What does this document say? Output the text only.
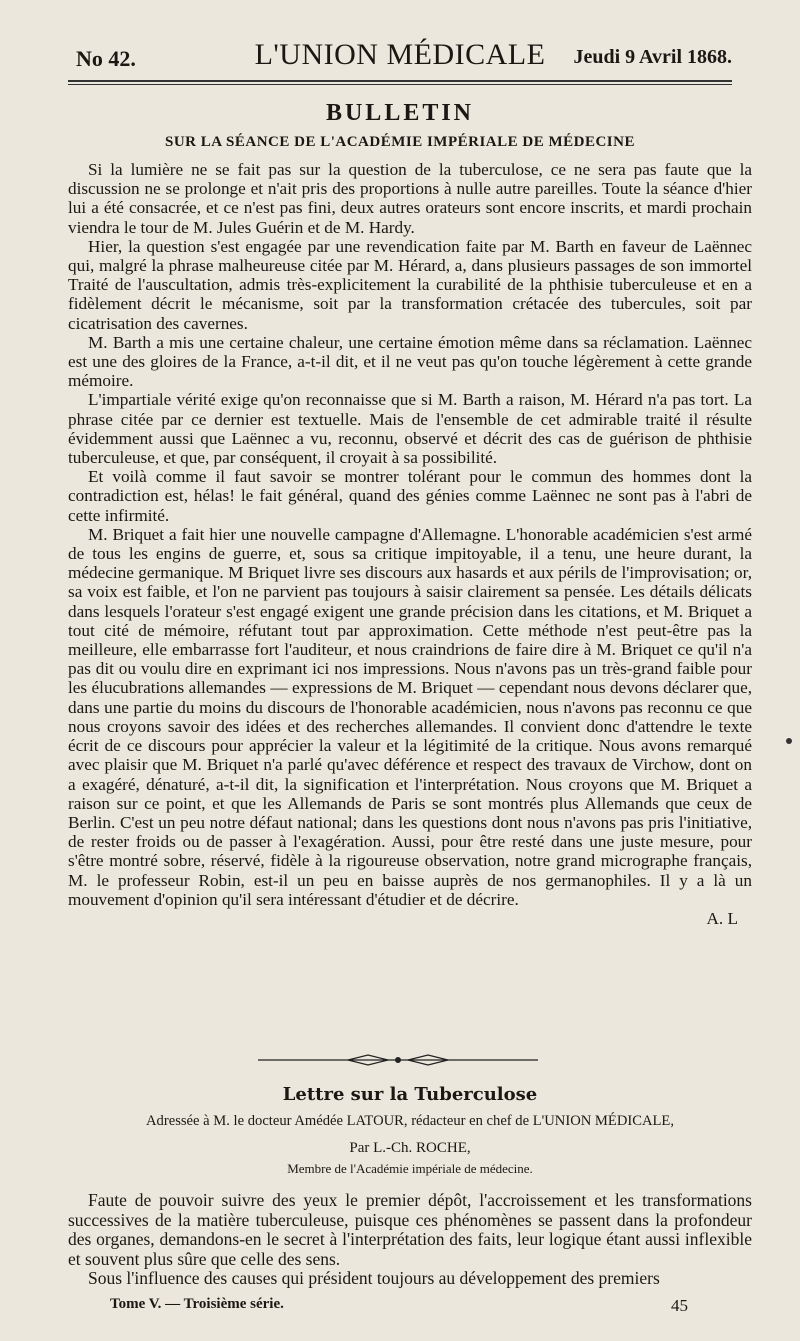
No 42.	L'UNION MÉDICALE	Jeudi 9 Avril 1868.
BULLETIN
SUR LA SÉANCE DE L'ACADÉMIE IMPÉRIALE DE MÉDECINE

Si la lumière ne se fait pas sur la question de la tuberculose, ce ne sera pas faute que la discussion ne se prolonge et n'ait pris des proportions à nulle autre pareilles. Toute la séance d'hier lui a été consacrée, et ce n'est pas fini, deux autres orateurs sont encore inscrits, et mardi prochain viendra le tour de M. Jules Guérin et de M. Hardy.

Hier, la question s'est engagée par une revendication faite par M. Barth en faveur de Laënnec qui, malgré la phrase malheureuse citée par M. Hérard, a, dans plusieurs passages de son immortel Traité de l'auscultation, admis très-explicitement la curabilité de la phthisie tuberculeuse et en a fidèlement décrit le mécanisme, soit par la transformation crétacée des tubercules, soit par cicatrisation des cavernes.

M. Barth a mis une certaine chaleur, une certaine émotion même dans sa réclamation. Laënnec est une des gloires de la France, a-t-il dit, et il ne veut pas qu'on touche légèrement à cette grande mémoire.

L'impartiale vérité exige qu'on reconnaisse que si M. Barth a raison, M. Hérard n'a pas tort. La phrase citée par ce dernier est textuelle. Mais de l'ensemble de cet admirable traité il résulte évidemment aussi que Laënnec a vu, reconnu, observé et décrit des cas de guérison de phthisie tuberculeuse, et que, par conséquent, il croyait à sa possibilité.

Et voilà comme il faut savoir se montrer tolérant pour le commun des hommes dont la contradiction est, hélas! le fait général, quand des génies comme Laënnec ne sont pas à l'abri de cette infirmité.

M. Briquet a fait hier une nouvelle campagne d'Allemagne. L'honorable académicien s'est armé de tous les engins de guerre, et, sous sa critique impitoyable, il a tenu, une heure durant, la médecine germanique. M Briquet livre ses discours aux hasards et aux périls de l'improvisation; or, sa voix est faible, et l'on ne parvient pas toujours à saisir clairement sa pensée. Les détails délicats dans lesquels l'orateur s'est engagé exigent une grande précision dans les citations, et M. Briquet a tout cité de mémoire, réfutant tout par approximation. Cette méthode n'est peut-être pas la meilleure, elle embarrasse fort l'auditeur, et nous craindrions de faire dire à M. Briquet ce qu'il n'a pas dit ou voulu dire en exprimant ici nos impressions. Nous n'avons pas un très-grand faible pour les élucubrations allemandes — expressions de M. Briquet — cependant nous devons déclarer que, dans une partie du moins du discours de l'honorable académicien, nous n'avons pas reconnu ce que nous croyons savoir des idées et des recherches allemandes. Il convient donc d'attendre le texte écrit de ce discours pour apprécier la valeur et la légitimité de la critique. Nous avons remarqué avec plaisir que M. Briquet n'a parlé qu'avec déférence et respect des travaux de Virchow, dont on a exagéré, dénaturé, a-t-il dit, la signification et l'interprétation. Nous croyons que M. Briquet a raison sur ce point, et que les Allemands de Paris se sont montrés plus Allemands que ceux de Berlin. C'est un peu notre défaut national; dans les questions dont nous n'avons pas pris l'initiative, de rester froids ou de passer à l'exagération. Aussi, pour être resté dans une juste mesure, pour s'être montré sobre, réservé, fidèle à la rigoureuse observation, notre grand micrographe français, M. le professeur Robin, est-il un peu en baisse auprès de nos germanophiles. Il y a là un mouvement d'opinion qu'il sera intéressant d'étudier et de décrire.

A. L
Lettre sur la Tuberculose
Adressée à M. le docteur Amédée LATOUR, rédacteur en chef de L'UNION MÉDICALE,
Par L.-Ch. ROCHE,
Membre de l'Académie impériale de médecine.

Faute de pouvoir suivre des yeux le premier dépôt, l'accroissement et les transformations successives de la matière tuberculeuse, puisque ces phénomènes se passent dans la profondeur des organes, demandons-en le secret à l'interprétation des faits, leur logique étant aussi inflexible et souvent plus sûre que celle des sens.

Sous l'influence des causes qui président toujours au développement des premiers

Tome V. — Troisième série.	45
